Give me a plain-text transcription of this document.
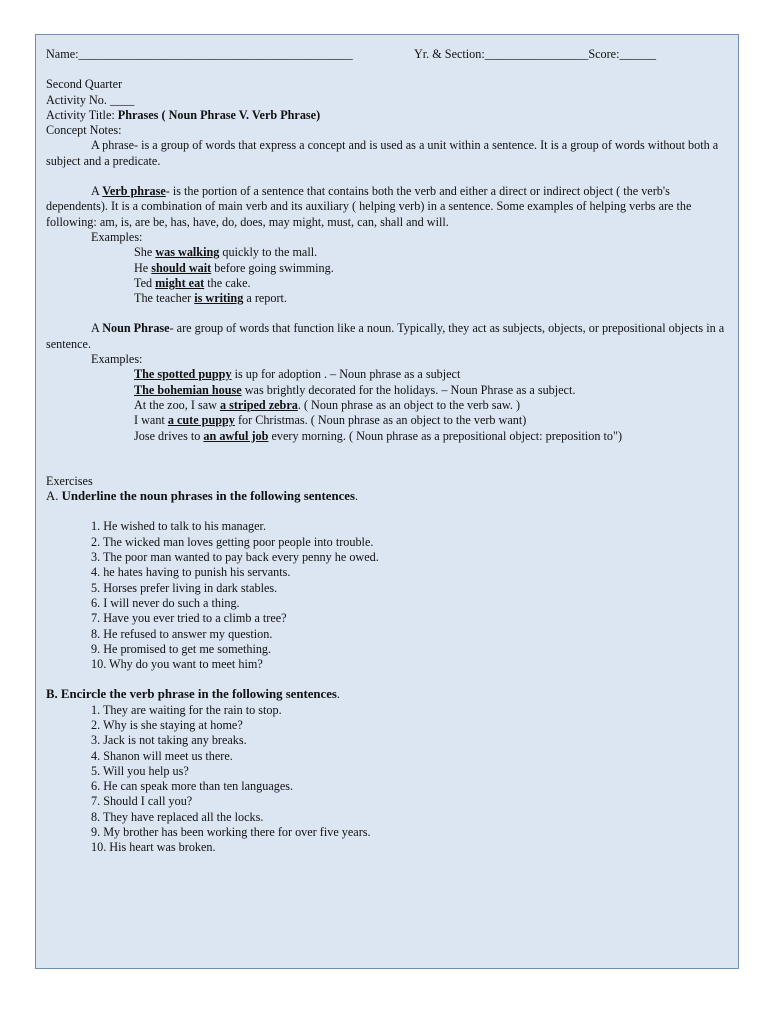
Name:_____________________________________________	Yr. & Section:_________________ Score:______
Second Quarter
Activity No. ____
Activity Title: Phrases ( Noun Phrase V. Verb Phrase)
Concept Notes:

A phrase- is a group of words that express a concept and is used as a unit within a sentence. It is a group of words without both a subject and a predicate.

A Verb phrase- is the portion of a sentence that contains both the verb and either a direct or indirect object ( the verb's dependents). It is a combination of main verb and its auxiliary ( helping verb) in a sentence. Some examples of helping verbs are the following: am, is, are be, has, have, do, does, may might, must, can, shall and will.

Examples:
She was walking quickly to the mall.
He should wait before going swimming.
Ted might eat the cake.
The teacher is writing a report.

A Noun Phrase- are group of words that function like a noun. Typically, they act as subjects, objects, or prepositional objects in a sentence.

Examples:
The spotted puppy is up for adoption . – Noun phrase as a subject
The bohemian house was brightly decorated for the holidays. – Noun Phrase as a subject.
At the zoo, I saw a striped zebra. ( Noun phrase as an object to the verb saw. )
I want a cute puppy for Christmas. ( Noun phrase as an object to the verb want)
Jose drives to an awful job every morning. ( Noun phrase as a prepositional object: preposition to")
Exercises
A. Underline the noun phrases in the following sentences.
1. He wished to talk to his manager.
2. The wicked man loves getting poor people into trouble.
3. The poor man wanted to pay back every penny he owed.
4. he hates having to punish his servants.
5. Horses prefer living in dark stables.
6. I will never do such a thing.
7. Have you ever tried to a climb a tree?
8. He refused to answer my question.
9. He promised to get me something.
10. Why do you want to meet him?
B. Encircle the verb phrase in the following sentences.
1. They are waiting for the rain to stop.
2. Why is she staying at home?
3. Jack is not taking any breaks.
4. Shanon will meet us there.
5. Will you help us?
6. He can speak more than ten languages.
7. Should I call you?
8. They have replaced all the locks.
9. My brother has been working there for over five years.
10. His heart was broken.
